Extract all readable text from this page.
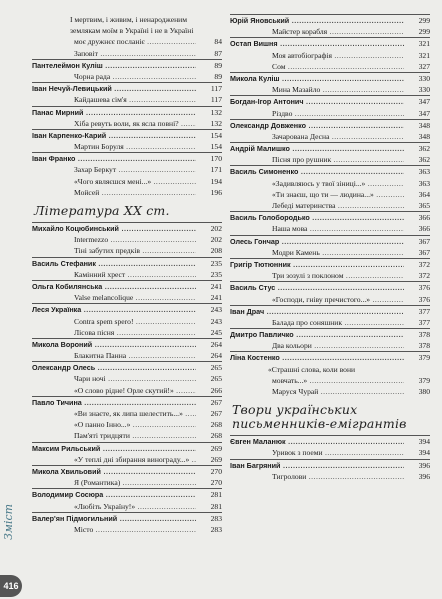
І мертвим, і живим, і ненародженим
землякам моїм в Україні і не в Україні
моє дружнєє посланіє .....	84
Заповіт .....	87
Пантелеймон Куліш .....	89
Чорна рада .....	89
Іван Нечуй-Левицький .....	117
Кайдашева сім'я .....	117
Панас Мирний .....	132
Хіба ревуть воли, як ясла повні? .....	132
Іван Карпенко-Карий .....	154
Мартин Боруля .....	154
Іван Франко .....	170
Захар Беркут .....	171
«Чого являєшся мені...» .....	194
Мойсей .....	196
Література XX ст.
Михайло Коцюбинський .....	202
Intermezzo .....	202
Тіні забутих предків .....	208
Василь Стефаник .....	235
Камінний хрест .....	235
Ольга Кобилянська .....	241
Valse melancolique .....	241
Леся Українка .....	243
Contra spem spero! .....	243
Лісова пісня .....	245
Микола Вороний .....	264
Блакитна Панна .....	264
Олександр Олесь .....	265
Чари ночі .....	265
«О слово рідне! Орле скутий!» .....	266
Павло Тичина .....	267
«Ви знаєте, як липа шелестить...» .....	267
«О панно Інно...» .....	268
Пам'яті тридцяти .....	268
Максим Рильський .....	269
«У теплі дні збирання винограду...» .....	269
Микола Хвильовий .....	270
Я (Романтика) .....	270
Володимир Сосюра .....	281
«Любіть Україну!» .....	281
Валер'ян Підмогильний .....	283
Місто .....	283
Юрій Яновський .....	299
Майстер корабля .....	299
Остап Вишня .....	321
Моя автобіографія .....	321
Сом .....	327
Микола Куліш .....	330
Мина Мазайло .....	330
Богдан-Ігор Антонич .....	347
Різдво .....	347
Олександр Довженко .....	348
Зачарована Десна .....	348
Андрій Малишко .....	362
Пісня про рушник .....	362
Василь Симоненко .....	363
«Задивляюсь у твої зіниці...» .....	363
«Ти знаєш, що ти — людина...» .....	364
Лебеді материнства .....	365
Василь Голобородько .....	366
Наша мова .....	366
Олесь Гончар .....	367
Модри Камень .....	367
Григір Тютюнник .....	372
Три зозулі з поклоном .....	372
Василь Стус .....	376
«Господи, гніву пречистого...» .....	376
Іван Драч .....	377
Балада про соняшник .....	377
Дмитро Павличко .....	378
Два кольори .....	378
Ліна Костенко .....	379
«Страшні слова, коли вони
мовчать...» .....	379
Маруся Чурай .....	380
Твори українських письменників-емігрантів
Євген Маланюк .....	394
Уривок з поеми .....	394
Іван Багряний .....	396
Тигролови .....	396
Зміст
416
